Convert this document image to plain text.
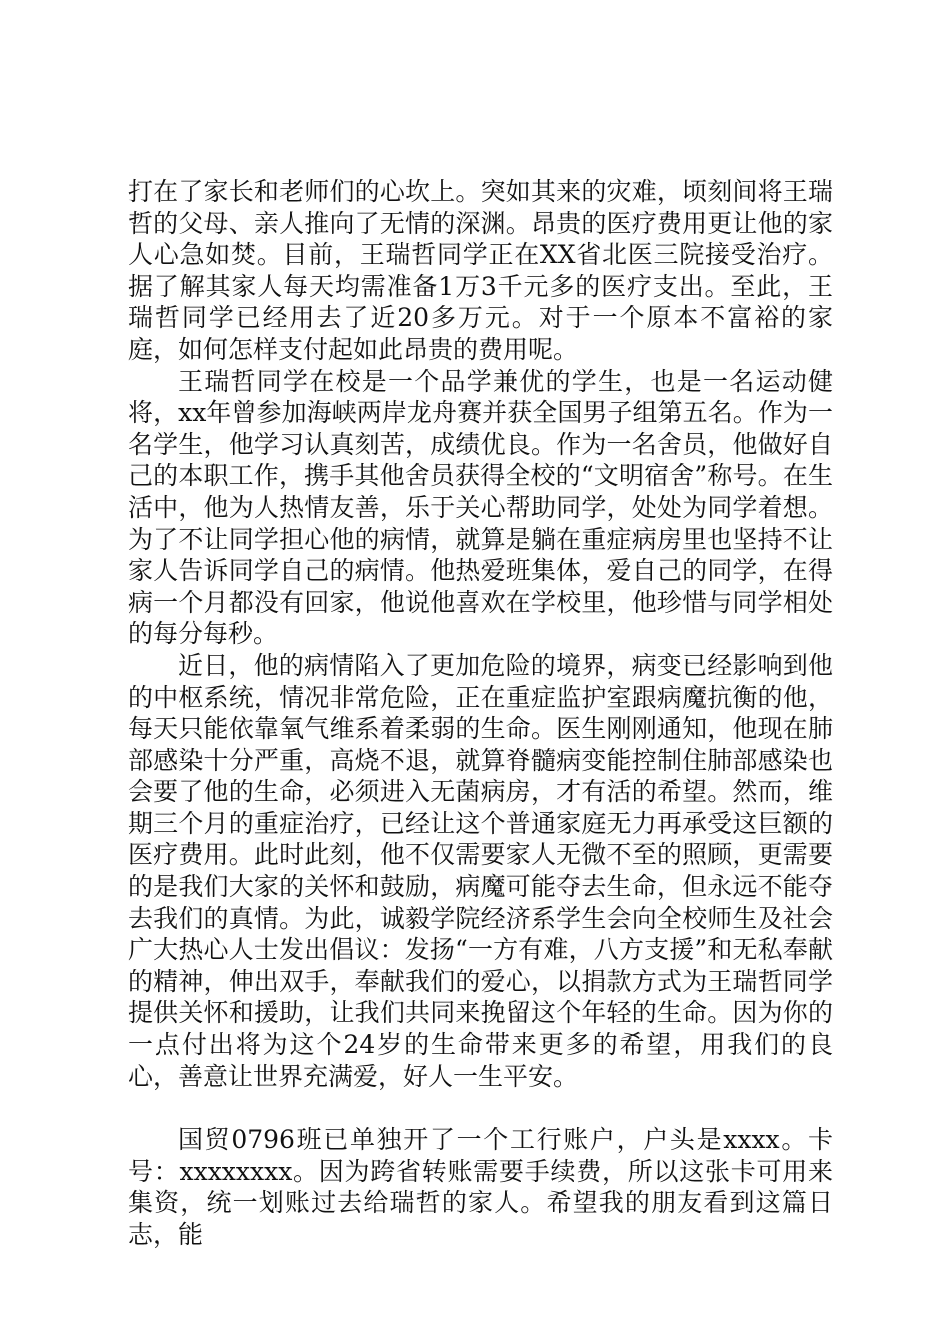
打在了家长和老师们的心坎上。突如其来的灾难，顷刻间将王瑞哲的父母、亲人推向了无情的深渊。昂贵的医疗费用更让他的家人心急如焚。目前，王瑞哲同学正在XX省北医三院接受治疗。据了解其家人每天均需准备1万3千元多的医疗支出。至此，王瑞哲同学已经用去了近20多万元。对于一个原本不富裕的家庭，如何怎样支付起如此昂贵的费用呢。

王瑞哲同学在校是一个品学兼优的学生，也是一名运动健将，xx年曾参加海峡两岸龙舟赛并获全国男子组第五名。作为一名学生，他学习认真刻苦，成绩优良。作为一名舍员，他做好自己的本职工作，携手其他舍员获得全校的“文明宿舍”称号。在生活中，他为人热情友善，乐于关心帮助同学，处处为同学着想。为了不让同学担心他的病情，就算是躺在重症病房里也坚持不让家人告诉同学自己的病情。他热爱班集体，爱自己的同学，在得病一个月都没有回家，他说他喜欢在学校里，他珍惜与同学相处的每分每秒。

近日，他的病情陷入了更加危险的境界，病变已经影响到他的中枢系统，情况非常危险，正在重症监护室跟病魔抗衡的他，每天只能依靠氧气维系着柔弱的生命。医生刚刚通知，他现在肺部感染十分严重，高烧不退，就算脊髓病变能控制住肺部感染也会要了他的生命，必须进入无菌病房，才有活的希望。然而，维期三个月的重症治疗，已经让这个普通家庭无力再承受这巨额的医疗费用。此时此刻，他不仅需要家人无微不至的照顾，更需要的是我们大家的关怀和鼓励，病魔可能夺去生命，但永远不能夺去我们的真情。为此，诚毅学院经济系学生会向全校师生及社会广大热心人士发出倡议：发扬“一方有难，八方支援”和无私奉献的精神，伸出双手，奉献我们的爱心，以捐款方式为王瑞哲同学提供关怀和援助，让我们共同来挽留这个年轻的生命。因为你的一点付出将为这个24岁的生命带来更多的希望，用我们的良心，善意让世界充满爱，好人一生平安。

国贸0796班已单独开了一个工行账户，户头是xxxx。卡号：xxxxxxxx。因为跨省转账需要手续费，所以这张卡可用来集资，统一划账过去给瑞哲的家人。希望我的朋友看到这篇日志，能
